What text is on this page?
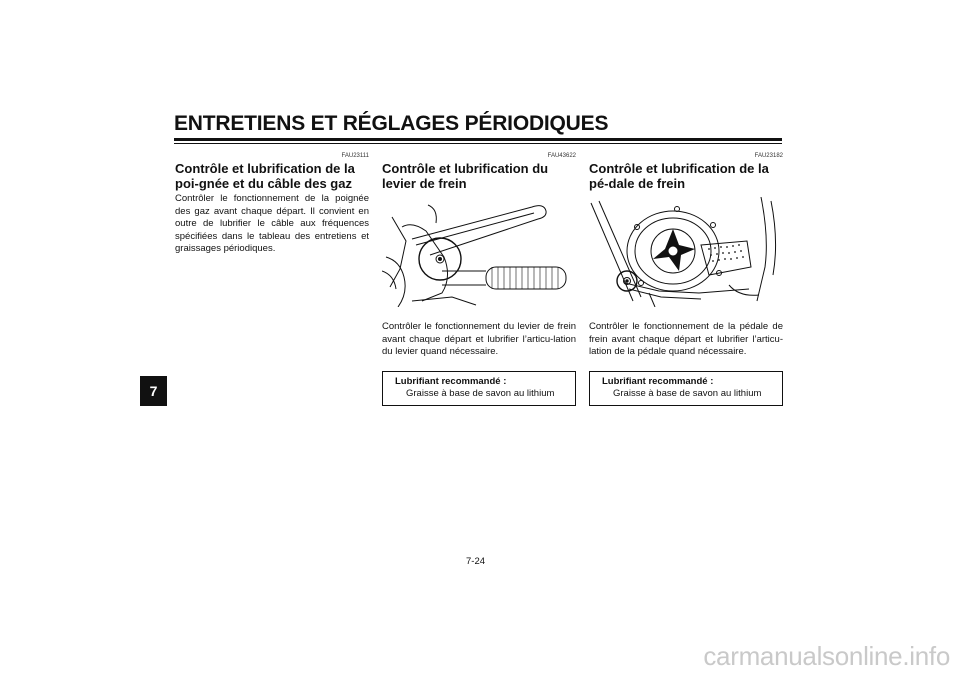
ENTRETIENS ET RÉGLAGES PÉRIODIQUES
7
FAU23111
Contrôle et lubrification de la poi-gnée et du câble des gaz
Contrôler le fonctionnement de la poignée des gaz avant chaque départ. Il convient en outre de lubrifier le câble aux fréquences spécifiées dans le tableau des entretiens et graissages périodiques.
FAU43622
Contrôle et lubrification du levier de frein
Contrôler le fonctionnement du levier de frein avant chaque départ et lubrifier l’articu-lation du levier quand nécessaire.
Lubrifiant recommandé :
Graisse à base de savon au lithium
FAU23182
Contrôle et lubrification de la pé-dale de frein
Contrôler le fonctionnement de la pédale de frein avant chaque départ et lubrifier l’articu-lation de la pédale quand nécessaire.
Lubrifiant recommandé :
Graisse à base de savon au lithium
7-24
carmanualsonline.info
